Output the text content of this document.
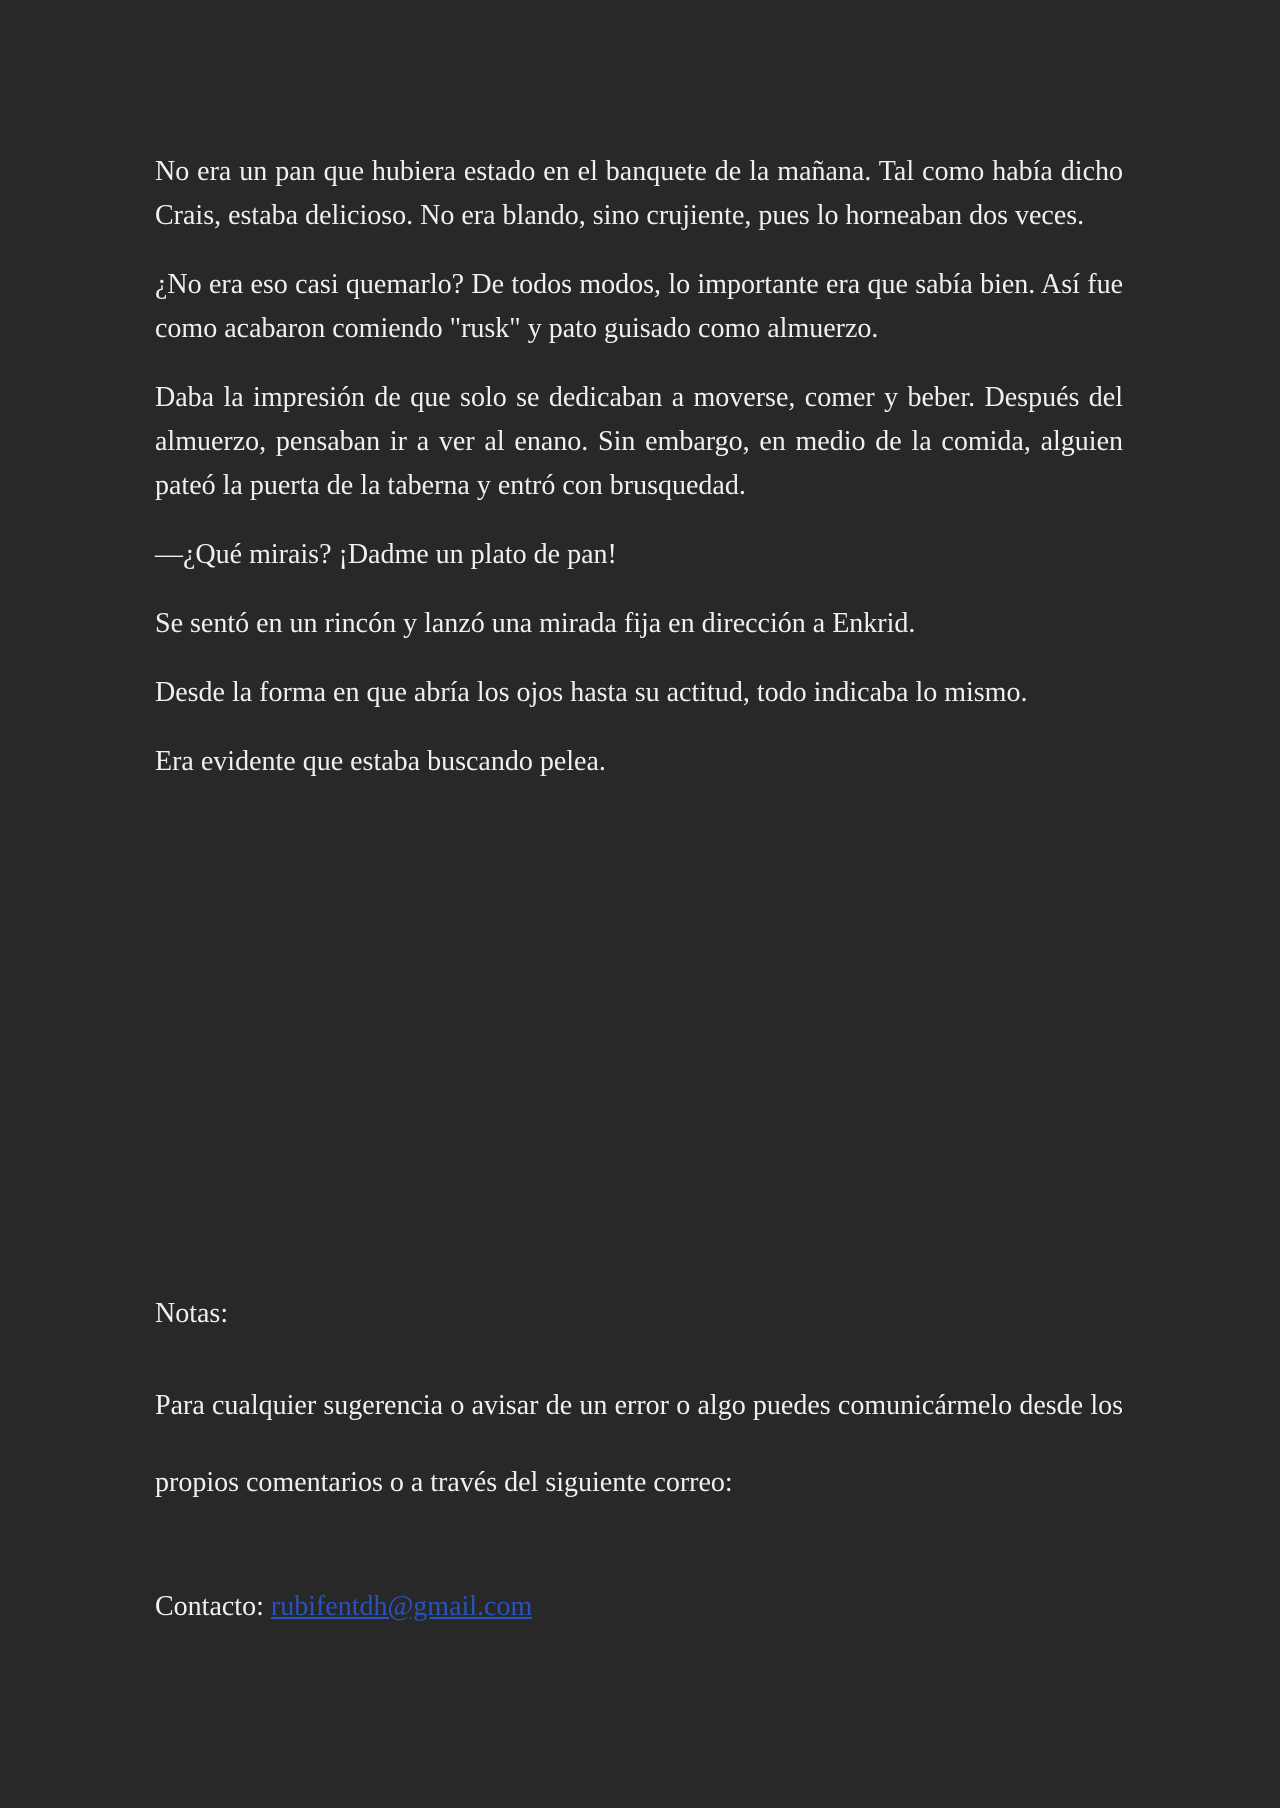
No era un pan que hubiera estado en el banquete de la mañana. Tal como había dicho Crais, estaba delicioso. No era blando, sino crujiente, pues lo horneaban dos veces.

¿No era eso casi quemarlo? De todos modos, lo importante era que sabía bien. Así fue como acabaron comiendo "rusk" y pato guisado como almuerzo.

Daba la impresión de que solo se dedicaban a moverse, comer y beber. Después del almuerzo, pensaban ir a ver al enano. Sin embargo, en medio de la comida, alguien pateó la puerta de la taberna y entró con brusquedad.

—¿Qué mirais? ¡Dadme un plato de pan!

Se sentó en un rincón y lanzó una mirada fija en dirección a Enkrid.

Desde la forma en que abría los ojos hasta su actitud, todo indicaba lo mismo.

Era evidente que estaba buscando pelea.

Notas:

Para cualquier sugerencia o avisar de un error o algo puedes comunicármelo desde los propios comentarios o a través del siguiente correo:

Contacto: rubifentdh@gmail.com
